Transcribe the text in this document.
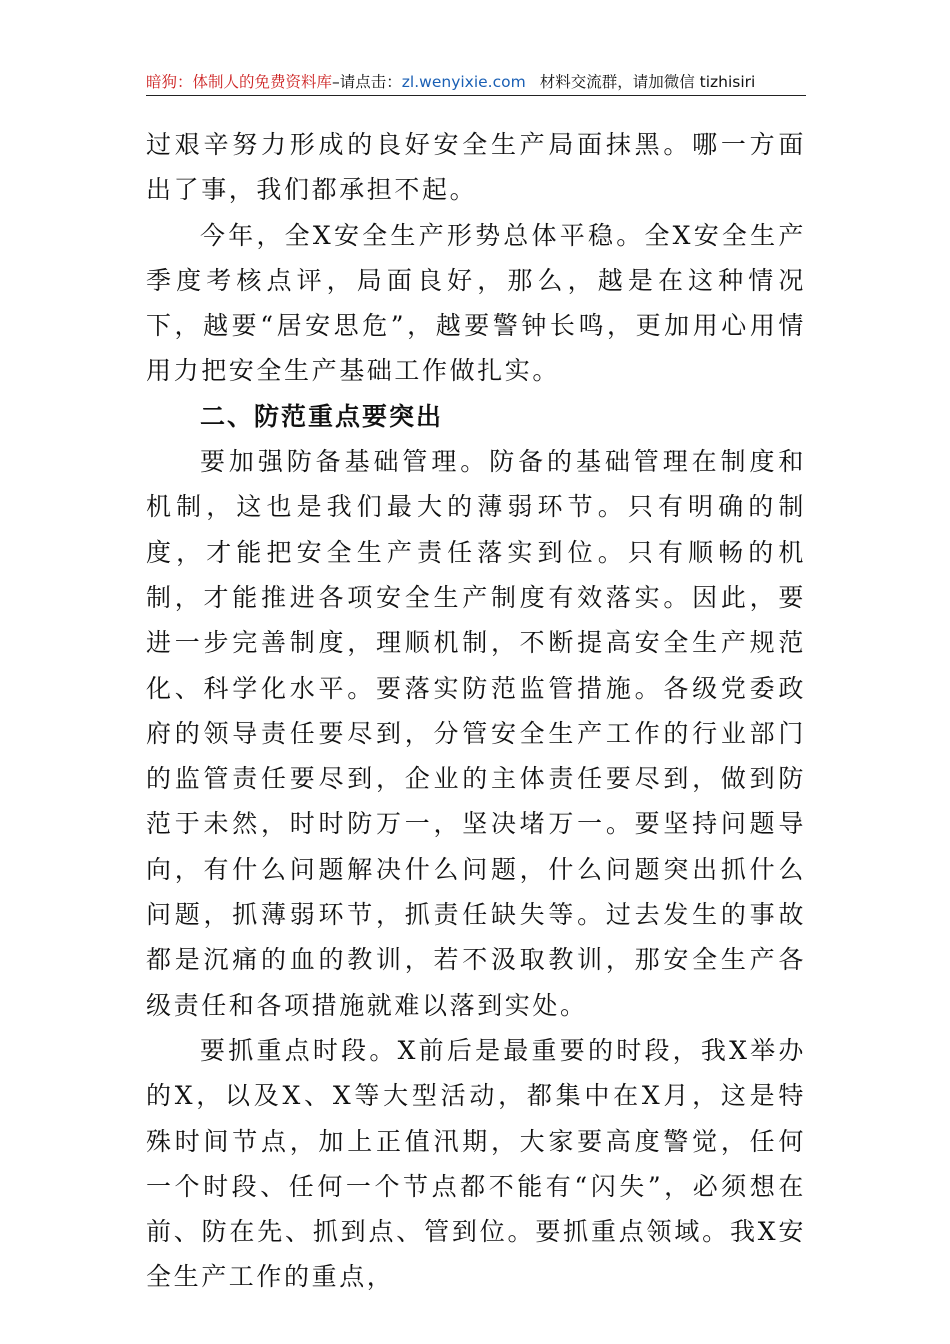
暗狗：体制人的免费资料库–请点击：zl.wenyixie.com 材料交流群，请加微信 tizhisiri

过艰辛努力形成的良好安全生产局面抹黑。哪一方面出了事，我们都承担不起。

今年，全X安全生产形势总体平稳。全X安全生产季度考核点评，局面良好，那么，越是在这种情况下，越要“居安思危”，越要警钟长鸣，更加用心用情用力把安全生产基础工作做扎实。

二、防范重点要突出

要加强防备基础管理。防备的基础管理在制度和机制，这也是我们最大的薄弱环节。只有明确的制度，才能把安全生产责任落实到位。只有顺畅的机制，才能推进各项安全生产制度有效落实。因此，要进一步完善制度，理顺机制，不断提高安全生产规范化、科学化水平。要落实防范监管措施。各级党委政府的领导责任要尽到，分管安全生产工作的行业部门的监管责任要尽到，企业的主体责任要尽到，做到防范于未然，时时防万一，坚决堵万一。要坚持问题导向，有什么问题解决什么问题，什么问题突出抓什么问题，抓薄弱环节，抓责任缺失等。过去发生的事故都是沉痛的血的教训，若不汲取教训，那安全生产各级责任和各项措施就难以落到实处。

要抓重点时段。X前后是最重要的时段，我X举办的X，以及X、X等大型活动，都集中在X月，这是特殊时间节点，加上正值汛期，大家要高度警觉，任何一个时段、任何一个节点都不能有“闪失”，必须想在前、防在先、抓到点、管到位。要抓重点领域。我X安全生产工作的重点，
